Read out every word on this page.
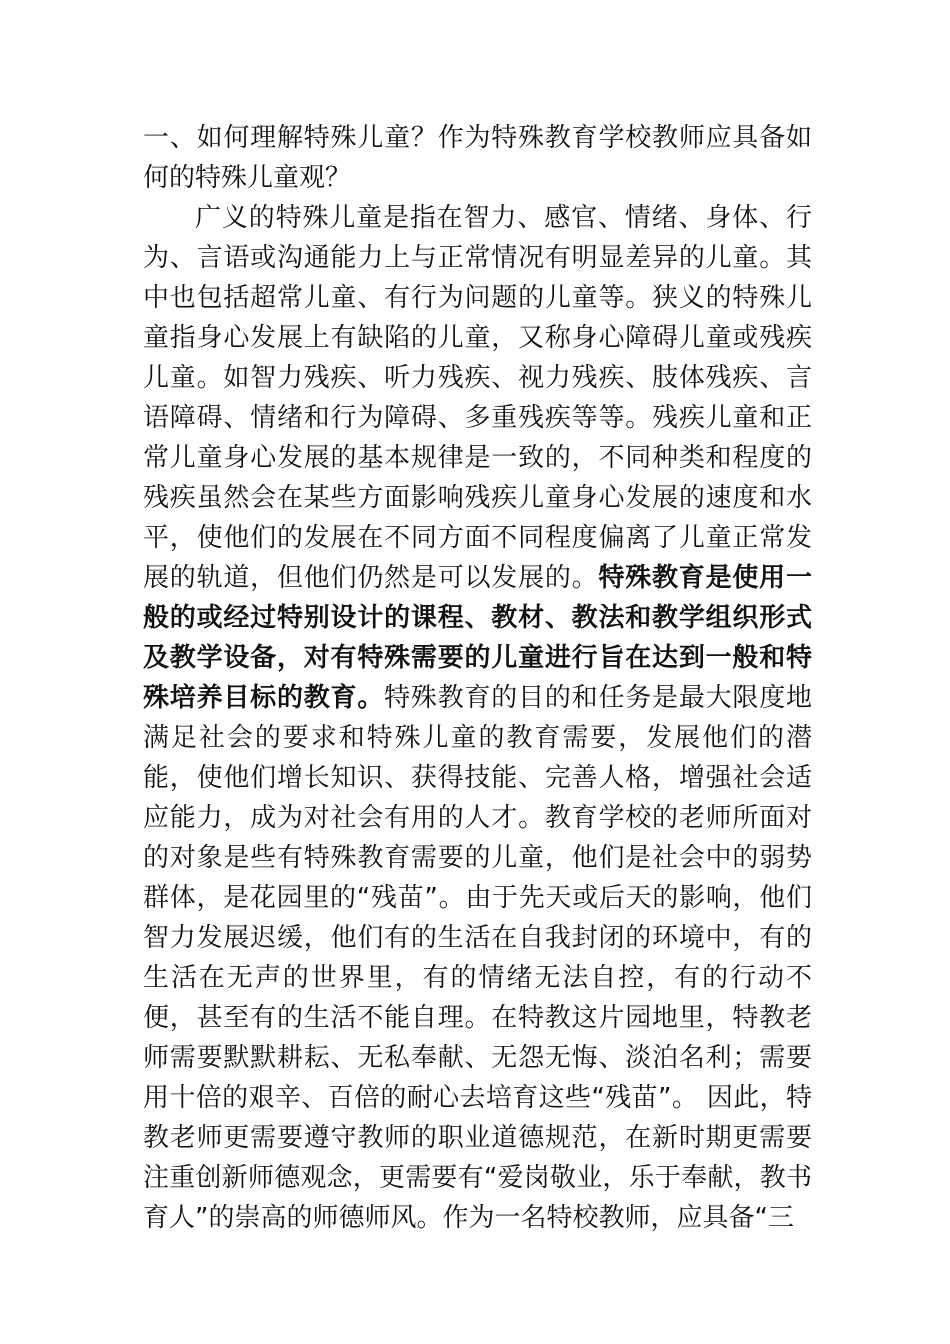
一、如何理解特殊儿童？作为特殊教育学校教师应具备如何的特殊儿童观？

广义的特殊儿童是指在智力、感官、情绪、身体、行为、言语或沟通能力上与正常情况有明显差异的儿童。其中也包括超常儿童、有行为问题的儿童等。狭义的特殊儿童指身心发展上有缺陷的儿童，又称身心障碍儿童或残疾儿童。如智力残疾、听力残疾、视力残疾、肢体残疾、言语障碍、情绪和行为障碍、多重残疾等等。残疾儿童和正常儿童身心发展的基本规律是一致的，不同种类和程度的残疾虽然会在某些方面影响残疾儿童身心发展的速度和水平，使他们的发展在不同方面不同程度偏离了儿童正常发展的轨道，但他们仍然是可以发展的。特殊教育是使用一般的或经过特别设计的课程、教材、教法和教学组织形式及教学设备，对有特殊需要的儿童进行旨在达到一般和特殊培养目标的教育。特殊教育的目的和任务是最大限度地满足社会的要求和特殊儿童的教育需要，发展他们的潜能，使他们增长知识、获得技能、完善人格，增强社会适应能力，成为对社会有用的人才。教育学校的老师所面对的对象是些有特殊教育需要的儿童，他们是社会中的弱势群体，是花园里的“残苗”。由于先天或后天的影响，他们智力发展迟缓，他们有的生活在自我封闭的环境中，有的生活在无声的世界里，有的情绪无法自控，有的行动不便，甚至有的生活不能自理。在特教这片园地里，特教老师需要默默耕耘、无私奉献、无怨无悔、淡泊名利；需要用十倍的艰辛、百倍的耐心去培育这些“残苗”。 因此，特教老师更需要遵守教师的职业道德规范，在新时期更需要注重创新师德观念，更需要有“爱岗敬业，乐于奉献，教书育人”的崇高的师德师风。作为一名特校教师，应具备“三
